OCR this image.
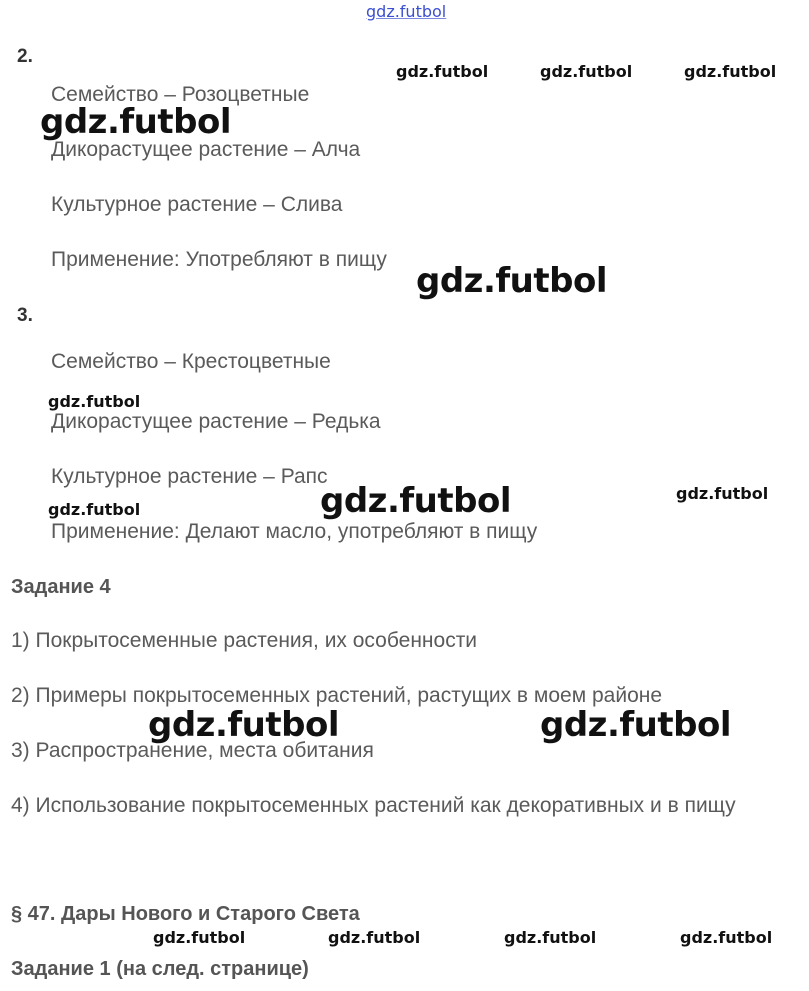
gdz.futbol
2.
Семейство – Розоцветные
Дикорастущее растение – Алча
Культурное растение – Слива
Применение: Употребляют в пищу
3.
Семейство – Крестоцветные
Дикорастущее растение – Редька
Культурное растение – Рапс
Применение: Делают масло, употребляют в пищу
Задание 4
1) Покрытосеменные растения, их особенности
2) Примеры покрытосеменных растений, растущих в моем районе
3) Распространение, места обитания
4) Использование покрытосеменных растений как декоративных и в пищу
§ 47. Дары Нового и Старого Света
Задание 1 (на след. странице)
gdz.futbol	gdz.futbol	gdz.futbol
gdz.futbol
gdz.futbol
gdz.futbol
gdz.futbol	gdz.futbol	gdz.futbol	gdz.futbol
gdz.futbol
gdz.futbol
gdz.futbol
gdz.futbol	gdz.futbol
